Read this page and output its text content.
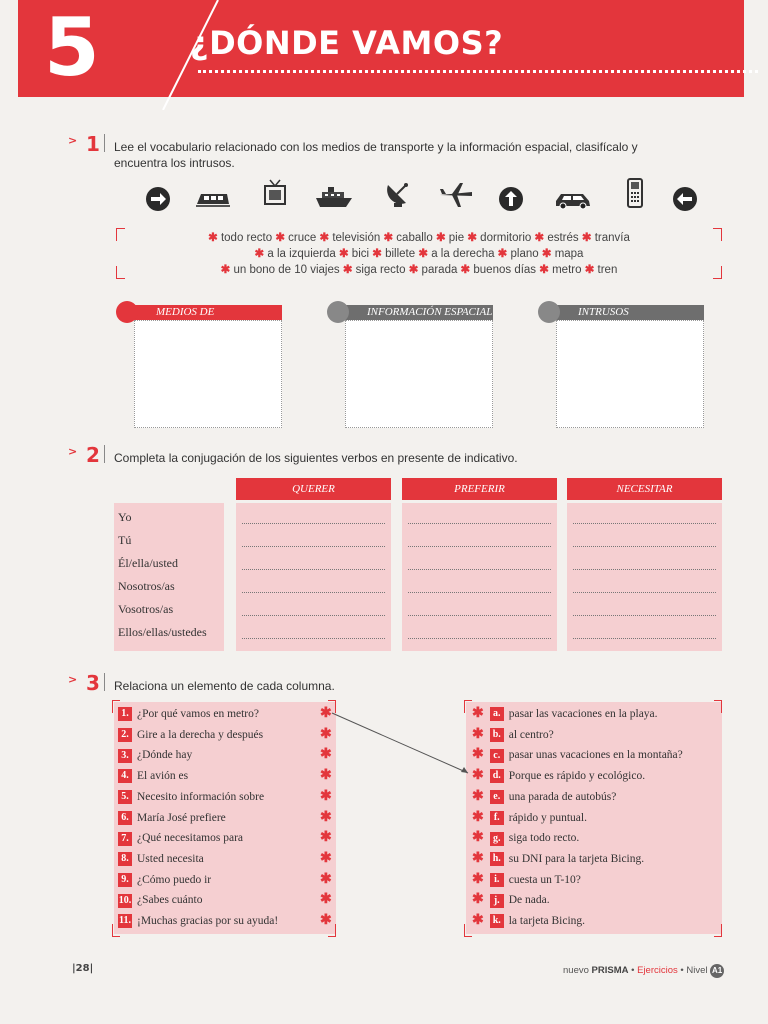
5	¿DÓNDE VAMOS?
> 1 Lee el vocabulario relacionado con los medios de transporte y la información espacial, clasifícalo y
encuentra los intrusos.
✱ todo recto ✱ cruce ✱ televisión ✱ caballo ✱ pie ✱ dormitorio ✱ estrés ✱ tranvía
✱ a la izquierda ✱ bici ✱ billete ✱ a la derecha ✱ plano ✱ mapa
✱ un bono de 10 viajes ✱ siga recto ✱ parada ✱ buenos días ✱ metro ✱ tren
MEDIOS DE	INFORMACIÓN ESPACIAL	INTRUSOS
> 2 Completa la conjugación de los siguientes verbos en presente de indicativo.
Yo
Tú
Él/ella/usted
Nosotros/as
Vosotros/as
Ellos/ellas/ustedes
QUERER	PREFERIR	NECESITAR
> 3 Relaciona un elemento de cada columna.
1. ¿Por qué vamos en metro?	✱
2. Gire a la derecha y después	✱
3. ¿Dónde hay	✱
4. El avión es	✱
5. Necesito información sobre	✱
6. María José prefiere	✱
7. ¿Qué necesitamos para	✱
8. Usted necesita	✱
9. ¿Cómo puedo ir	✱
10. ¿Sabes cuánto	✱
11. ¡Muchas gracias por su ayuda!	✱
✱ a. pasar las vacaciones en la playa.
✱ b. al centro?
✱ c. pasar unas vacaciones en la montaña?
✱ d. Porque es rápido y ecológico.
✱ e. una parada de autobús?
✱ f. rápido y puntual.
✱ g. siga todo recto.
✱ h. su DNI para la tarjeta Bicing.
✱ i. cuesta un T-10?
✱ j. De nada.
✱ k. la tarjeta Bicing.
|28|	nuevo PRISMA • Ejercicios • Nivel A1
